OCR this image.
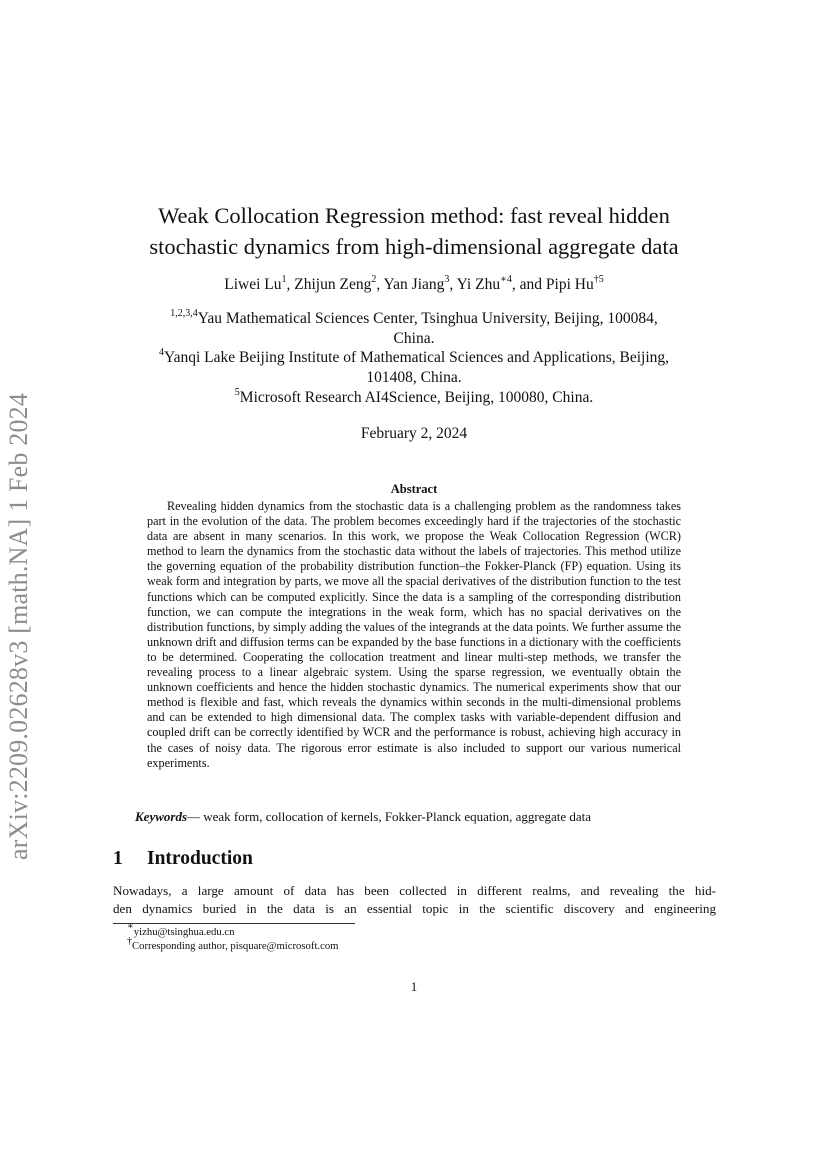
arXiv:2209.02628v3 [math.NA] 1 Feb 2024
Weak Collocation Regression method: fast reveal hidden
stochastic dynamics from high-dimensional aggregate data
Liwei Lu$^1$, Zhijun Zeng$^2$, Yan Jiang$^3$, Yi Zhu$^{∗4}$, and Pipi Hu$^{\dagger 5}$
$^{1,2,3,4}$Yau Mathematical Sciences Center, Tsinghua University, Beijing, 100084,
China.
$^4$Yanqi Lake Beijing Institute of Mathematical Sciences and Applications, Beijing,
101408, China.
$^5$Microsoft Research AI4Science, Beijing, 100080, China.
February 2, 2024
Abstract
Revealing hidden dynamics from the stochastic data is a challenging problem as the randomness takes part in the evolution of the data. The problem becomes exceedingly hard if the trajectories of the stochastic data are absent in many scenarios. In this work, we propose the Weak Collocation Regression (WCR) method to learn the dynamics from the stochastic data without the labels of trajectories. This method utilize the governing equation of the probability distribution function–the Fokker-Planck (FP) equation. Using its weak form and integration by parts, we move all the spacial derivatives of the distribution function to the test functions which can be computed explicitly. Since the data is a sampling of the corresponding distribution function, we can compute the integrations in the weak form, which has no spacial derivatives on the distribution functions, by simply adding the values of the integrands at the data points. We further assume the unknown drift and diffusion terms can be expanded by the base functions in a dictionary with the coefficients to be determined. Cooperating the collocation treatment and linear multi-step methods, we transfer the revealing process to a linear algebraic system. Using the sparse regression, we eventually obtain the unknown coefficients and hence the hidden stochastic dynamics. The numerical experiments show that our method is flexible and fast, which reveals the dynamics within seconds in the multi-dimensional problems and can be extended to high dimensional data. The complex tasks with variable-dependent diffusion and coupled drift can be correctly identified by WCR and the performance is robust, achieving high accuracy in the cases of noisy data. The rigorous error estimate is also included to support our various numerical experiments.
Keywords— weak form, collocation of kernels, Fokker-Planck equation, aggregate data
1 Introduction
Nowadays, a large amount of data has been collected in different realms, and revealing the hid-
den dynamics buried in the data is an essential topic in the scientific discovery and engineering
∗yizhu@tsinghua.edu.cn
†Corresponding author, pisquare@microsoft.com
1
